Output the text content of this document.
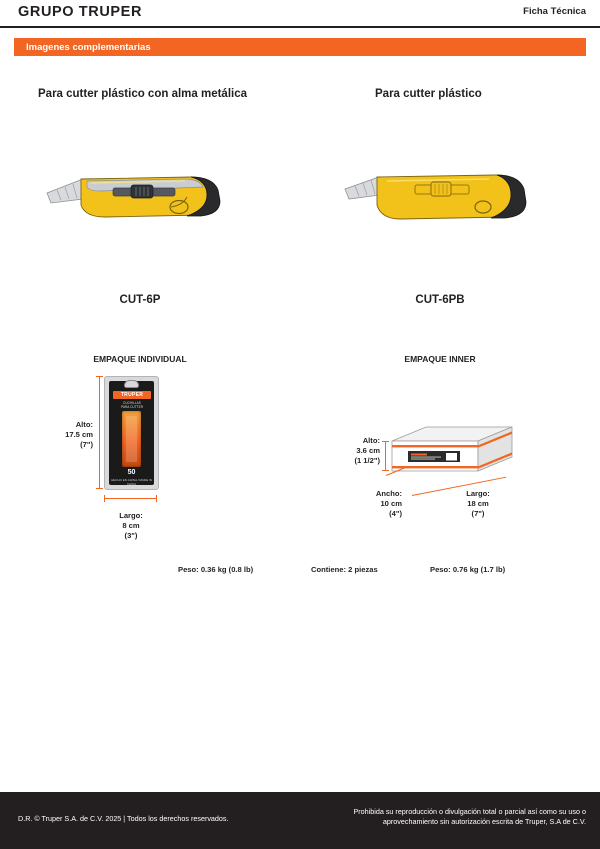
GRUPO TRUPER	Ficha Técnica
Imagenes complementarias
Para cutter plástico con alma metálica	Para cutter plástico
CUT-6P	CUT-6PB
EMPAQUE INDIVIDUAL	EMPAQUE INNER
TRUPER
CUCHILLAS
PARA CUTTER
50
HECHO EN CHINA / MADE IN CHINA
Alto:
17.5 cm
(7")
Largo:
8 cm
(3")
Peso: 0.36 kg (0.8 lb)
Alto:
3.6 cm
(1 1/2")
Ancho:
10 cm
(4")
Largo:
18 cm
(7")
Contiene: 2 piezas	Peso: 0.76 kg (1.7 lb)
D.R. © Truper S.A. de C.V. 2025 | Todos los derechos reservados.
Prohibida su reproducción o divulgación total o parcial así como su uso o aprovechamiento sin autorización escrita de Truper, S.A de C.V.
